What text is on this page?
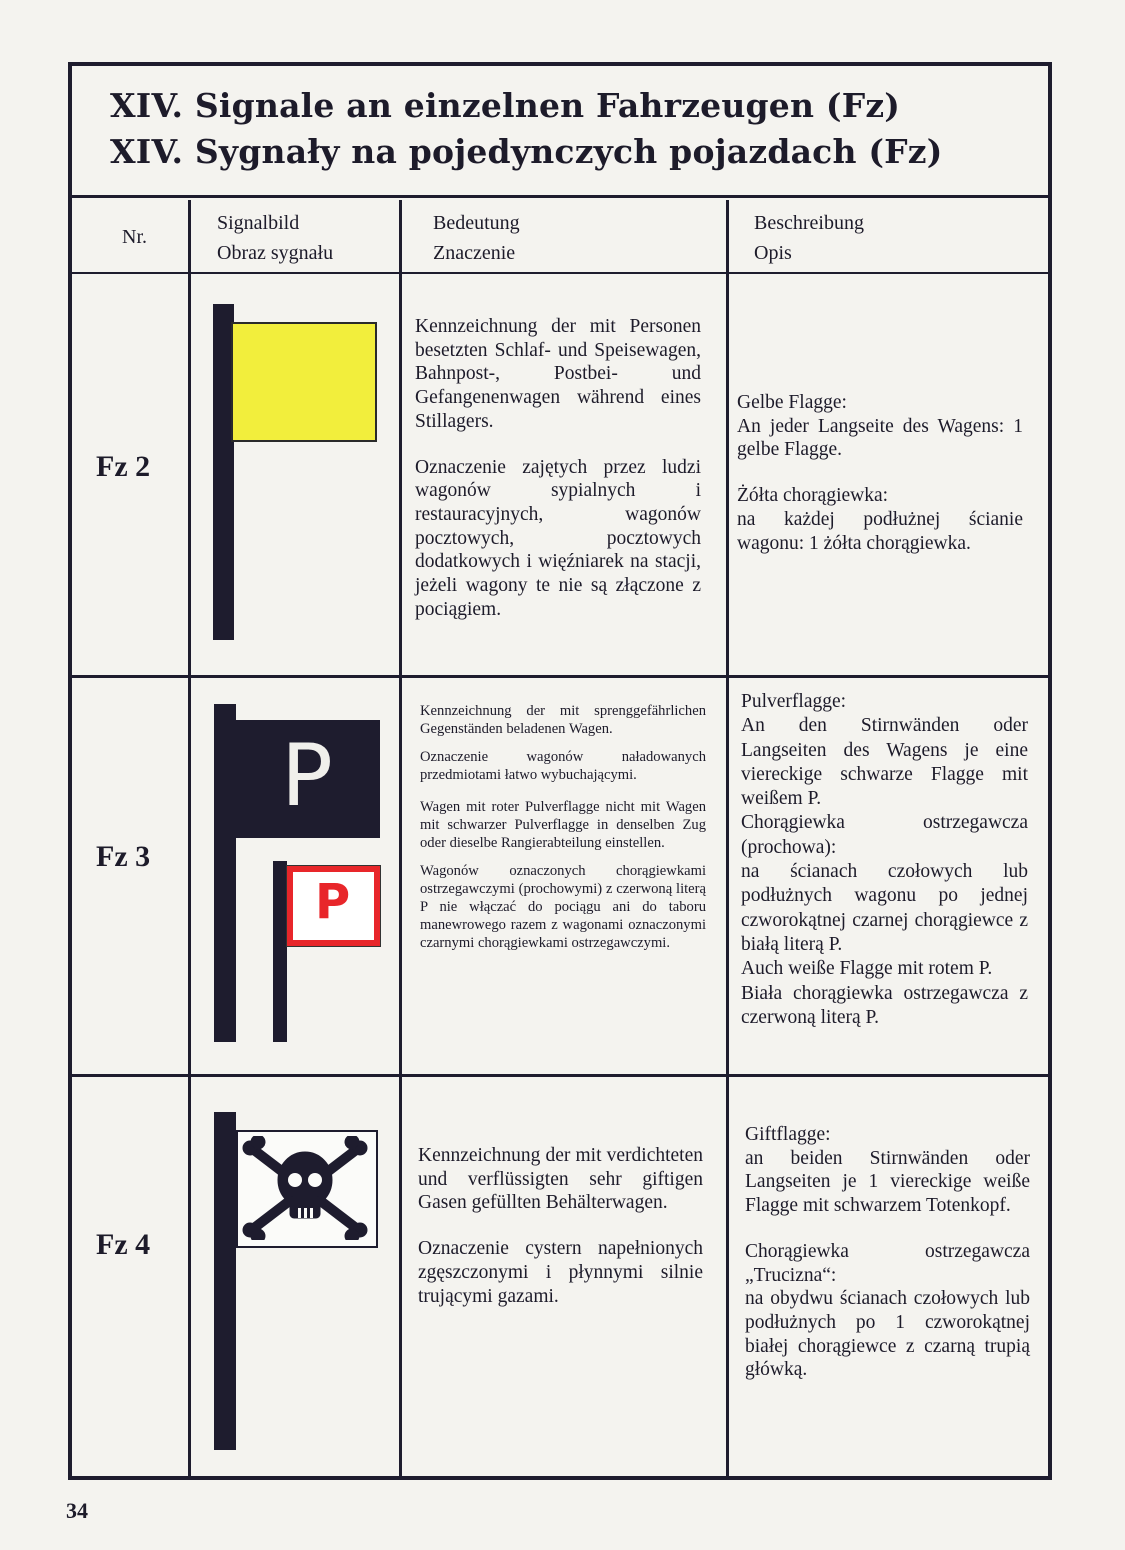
XIV. Signale an einzelnen Fahrzeugen (Fz)
XIV. Sygnały na pojedynczych pojazdach (Fz)
Nr.
Signalbild
Obraz sygnału
Bedeutung
Znaczenie
Beschreibung
Opis
Fz 2

Kennzeichnung der mit Personen besetzten Schlaf- und Speisewagen, Bahnpost-, Postbei- und Gefangenenwagen während eines Stillagers.

Oznaczenie zajętych przez ludzi wagonów sypialnych i restauracyjnych, wagonów pocztowych, pocztowych dodatkowych i więźniarek na stacji, jeżeli wagony te nie są złączone z pociągiem.

Gelbe Flagge:

An jeder Langseite des Wagens: 1 gelbe Flagge.

Żółta chorągiewka:

na każdej podłużnej ścianie wagonu: 1 żółta chorągiewka.

Fz 3
P
P

Kennzeichnung der mit sprenggefährlichen Gegenständen beladenen Wagen.

Oznaczenie wagonów naładowanych przedmiotami łatwo wybuchającymi.

Wagen mit roter Pulverflagge nicht mit Wagen mit schwarzer Pulverflagge in denselben Zug oder dieselbe Rangierabteilung einstellen.

Wagonów oznaczonych chorągiewkami ostrzegawczymi (prochowymi) z czerwoną literą P nie włączać do pociągu ani do taboru manewrowego razem z wagonami oznaczonymi czarnymi chorągiewkami ostrzegawczymi.

Pulverflagge:

An den Stirnwänden oder Langseiten des Wagens je eine viereckige schwarze Flagge mit weißem P.

Chorągiewka ostrzegawcza (prochowa):

na ścianach czołowych lub podłużnych wagonu po jednej czworokątnej czarnej chorągiewce z białą literą P.

Auch weiße Flagge mit rotem P.

Biała chorągiewka ostrzegawcza z czerwoną literą P.

Fz 4

Kennzeichnung der mit verdichteten und verflüssigten sehr giftigen Gasen gefüllten Behälterwagen.

Oznaczenie cystern napełnionych zgęszczonymi i płynnymi silnie trującymi gazami.

Giftflagge:

an beiden Stirnwänden oder Langseiten je 1 viereckige weiße Flagge mit schwarzem Totenkopf.

Chorągiewka ostrzegawcza „Trucizna“:

na obydwu ścianach czołowych lub podłużnych po 1 czworokątnej białej chorągiewce z czarną trupią główką.

34
